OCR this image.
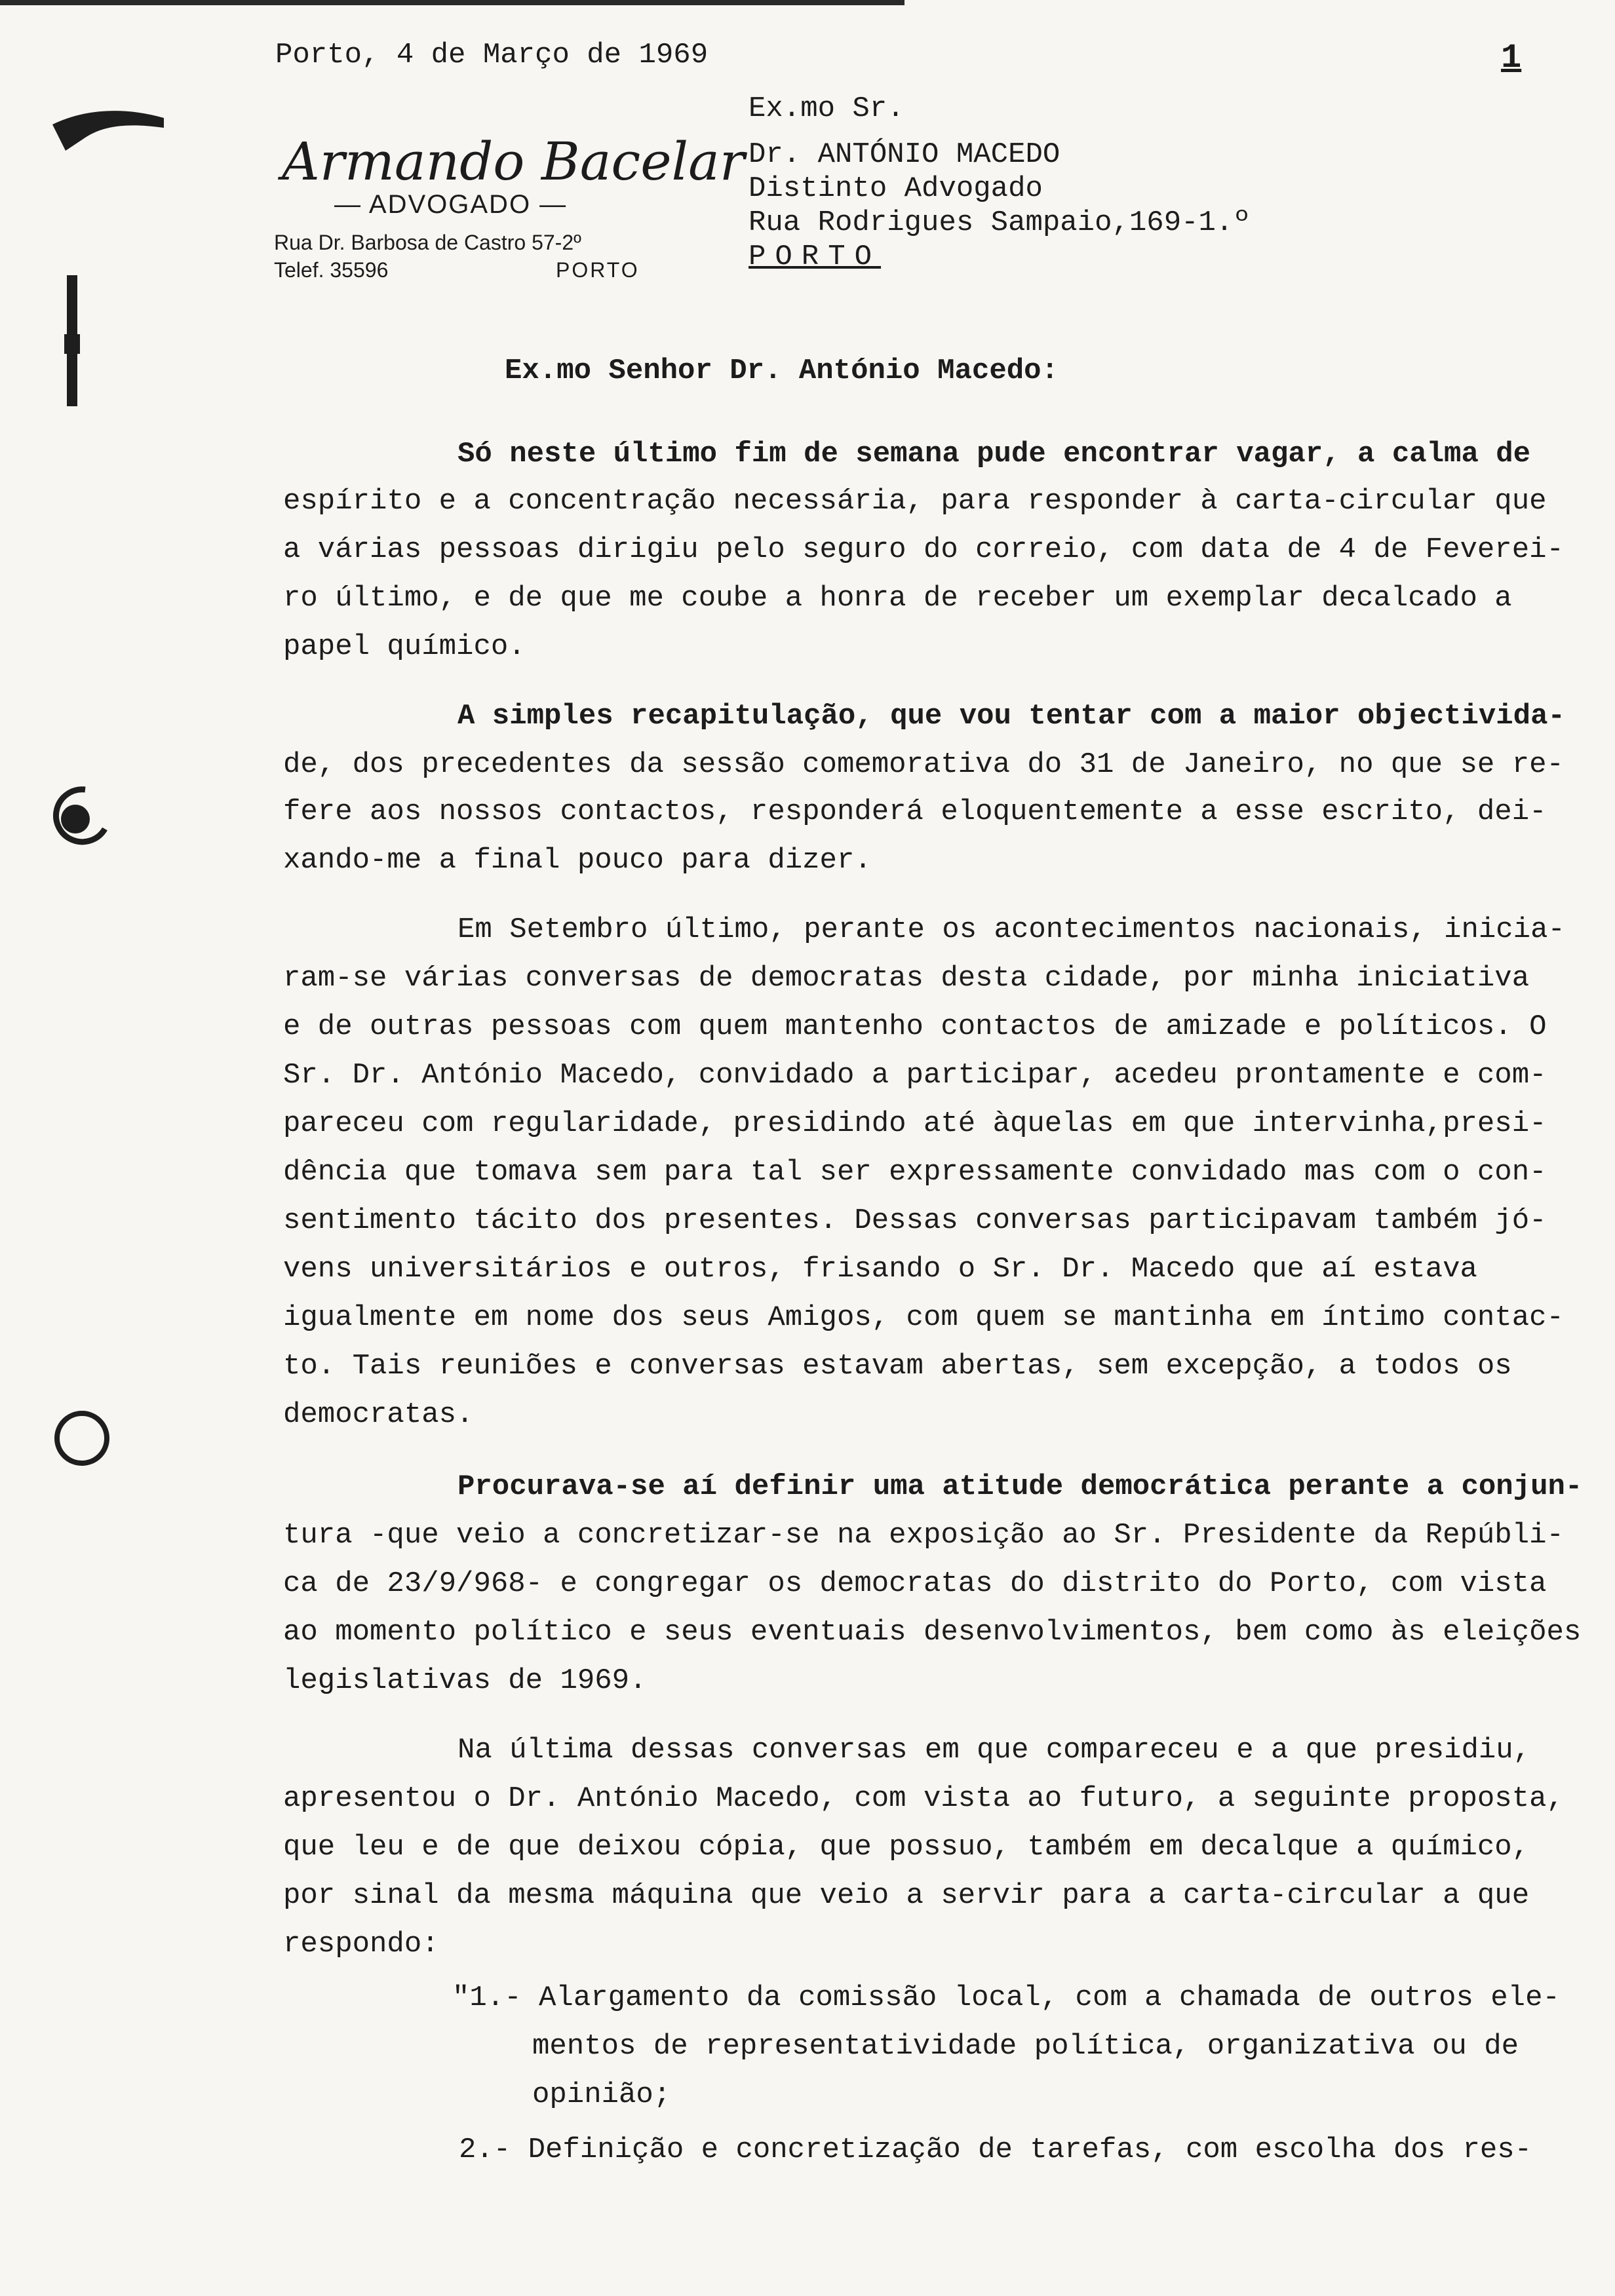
Porto, 4 de Março de 1969	1
Armando Bacelar
— ADVOGADO —
Rua Dr. Barbosa de Castro 57-2º
Telef. 35596	PORTO
Ex.mo Sr.
Dr. ANTÓNIO MACEDO
Distinto Advogado
Rua Rodrigues Sampaio,169-1.º
PORTO
Ex.mo Senhor Dr. António Macedo:
Só neste último fim de semana pude encontrar vagar, a calma de
espírito e a concentração necessária, para responder à carta-circular que
a várias pessoas dirigiu pelo seguro do correio, com data de 4 de Feverei-
ro último, e de que me coube a honra de receber um exemplar decalcado a
papel químico.
A simples recapitulação, que vou tentar com a maior objectivida-
de, dos precedentes da sessão comemorativa do 31 de Janeiro, no que se re-
fere aos nossos contactos, responderá eloquentemente a esse escrito, dei-
xando-me a final pouco para dizer.
Em Setembro último, perante os acontecimentos nacionais, inicia-
ram-se várias conversas de democratas desta cidade, por minha iniciativa
e de outras pessoas com quem mantenho contactos de amizade e políticos. O
Sr. Dr. António Macedo, convidado a participar, acedeu prontamente e com-
pareceu com regularidade, presidindo até àquelas em que intervinha,presi-
dência que tomava sem para tal ser expressamente convidado mas com o con-
sentimento tácito dos presentes. Dessas conversas participavam também jó-
vens universitários e outros, frisando o Sr. Dr. Macedo que aí estava
igualmente em nome dos seus Amigos, com quem se mantinha em íntimo contac-
to. Tais reuniões e conversas estavam abertas, sem excepção, a todos os
democratas.
Procurava-se aí definir uma atitude democrática perante a conjun-
tura -que veio a concretizar-se na exposição ao Sr. Presidente da Repúbli-
ca de 23/9/968- e congregar os democratas do distrito do Porto, com vista
ao momento político e seus eventuais desenvolvimentos, bem como às eleições
legislativas de 1969.
Na última dessas conversas em que compareceu e a que presidiu,
apresentou o Dr. António Macedo, com vista ao futuro, a seguinte proposta,
que leu e de que deixou cópia, que possuo, também em decalque a químico,
por sinal da mesma máquina que veio a servir para a carta-circular a que
respondo:
"1.- Alargamento da comissão local, com a chamada de outros ele-
mentos de representatividade política, organizativa ou de
opinião;
2.- Definição e concretização de tarefas, com escolha dos res-
